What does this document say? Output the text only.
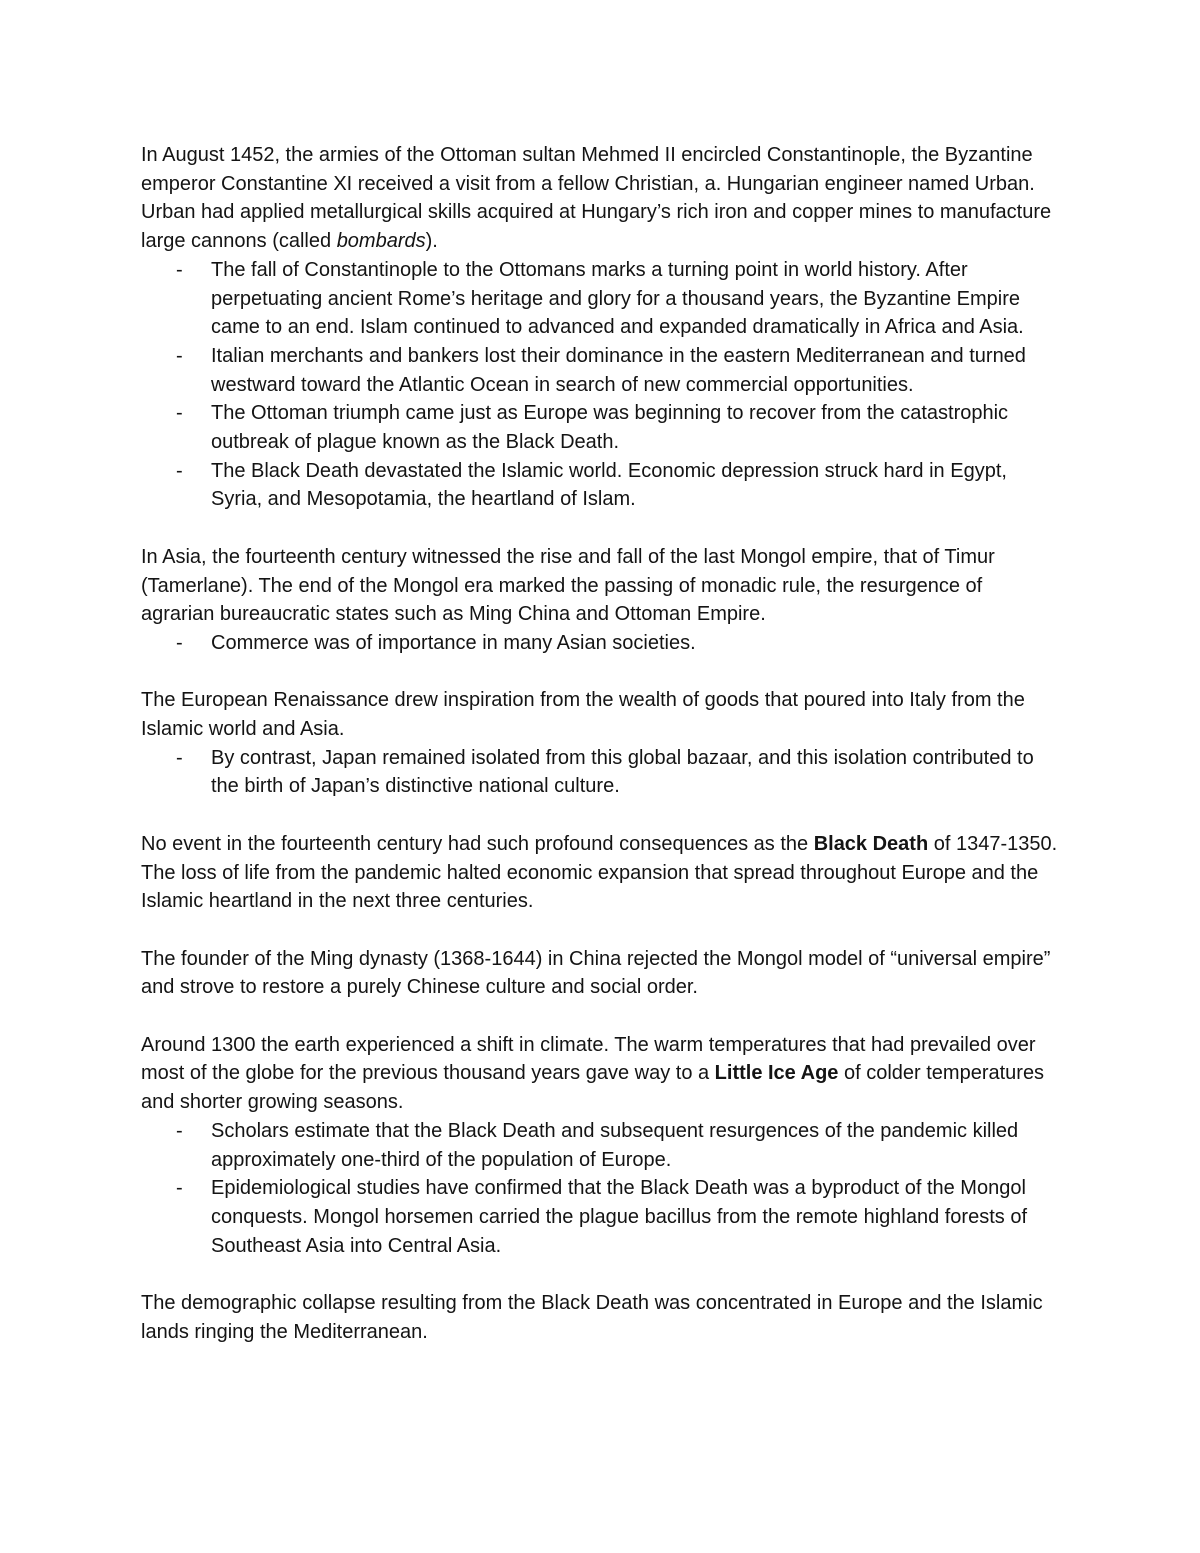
In August 1452, the armies of the Ottoman sultan Mehmed II encircled Constantinople, the Byzantine emperor Constantine XI received a visit from a fellow Christian, a. Hungarian engineer named Urban. Urban had applied metallurgical skills acquired at Hungary’s rich iron and copper mines to manufacture large cannons (called bombards).

- The fall of Constantinople to the Ottomans marks a turning point in world history. After perpetuating ancient Rome’s heritage and glory for a thousand years, the Byzantine Empire came to an end. Islam continued to advanced and expanded dramatically in Africa and Asia.
- Italian merchants and bankers lost their dominance in the eastern Mediterranean and turned westward toward the Atlantic Ocean in search of new commercial opportunities.
- The Ottoman triumph came just as Europe was beginning to recover from the catastrophic outbreak of plague known as the Black Death.
- The Black Death devastated the Islamic world. Economic depression struck hard in Egypt, Syria, and Mesopotamia, the heartland of Islam.

In Asia, the fourteenth century witnessed the rise and fall of the last Mongol empire, that of Timur (Tamerlane). The end of the Mongol era marked the passing of monadic rule, the resurgence of agrarian bureaucratic states such as Ming China and Ottoman Empire.

- Commerce was of importance in many Asian societies.

The European Renaissance drew inspiration from the wealth of goods that poured into Italy from the Islamic world and Asia.

- By contrast, Japan remained isolated from this global bazaar, and this isolation contributed to the birth of Japan’s distinctive national culture.

No event in the fourteenth century had such profound consequences as the Black Death of 1347-1350. The loss of life from the pandemic halted economic expansion that spread throughout Europe and the Islamic heartland in the next three centuries.

The founder of the Ming dynasty (1368-1644) in China rejected the Mongol model of “universal empire” and strove to restore a purely Chinese culture and social order.

Around 1300 the earth experienced a shift in climate. The warm temperatures that had prevailed over most of the globe for the previous thousand years gave way to a Little Ice Age of colder temperatures and shorter growing seasons.

- Scholars estimate that the Black Death and subsequent resurgences of the pandemic killed approximately one-third of the population of Europe.
- Epidemiological studies have confirmed that the Black Death was a byproduct of the Mongol conquests. Mongol horsemen carried the plague bacillus from the remote highland forests of Southeast Asia into Central Asia.

The demographic collapse resulting from the Black Death was concentrated in Europe and the Islamic lands ringing the Mediterranean.
